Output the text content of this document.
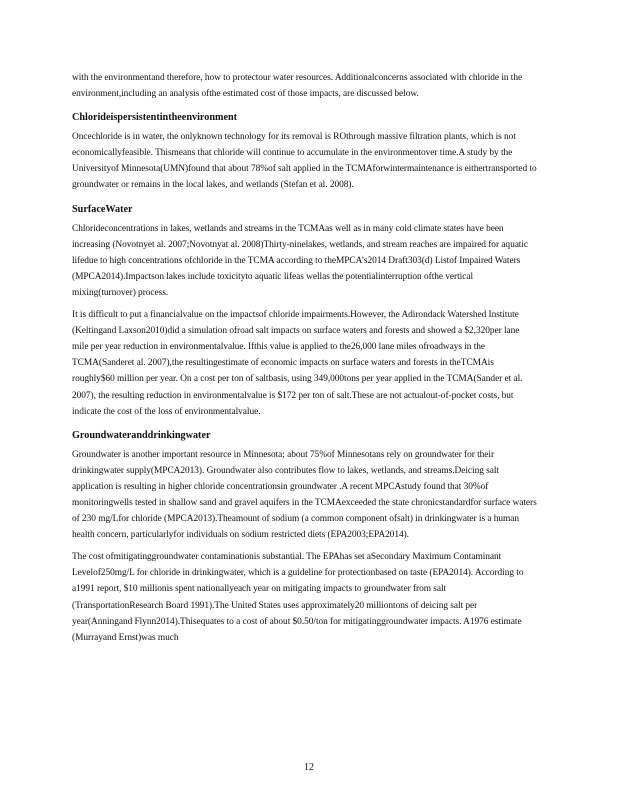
with the environmentand therefore, how to protectour water resources. Additionalconcerns associated with chloride in the environment,including an analysis ofthe estimated cost of those impacts, are discussed below.

Chlorideispersistentintheenvironment

Oncechloride is in water, the onlyknown technology for its removal is ROthrough massive filtration plants, which is not economicallyfeasible. Thismeans that chloride will continue to accumulate in the environmentover time.A study by the Universityof Minnesota(UMN)found that about 78%of salt applied in the TCMAforwintermaintenance is eithertransported to groundwater or remains in the local lakes, and wetlands (Stefan et al. 2008).

SurfaceWater

Chlorideconcentrations in lakes, wetlands and streams in the TCMAas well as in many cold climate states have been increasing (Novotnyet al. 2007;Novotnyat al. 2008)Thirty-ninelakes, wetlands, and stream reaches are impaired for aquatic lifedue to high concentrations ofchloride in the TCMA according to theMPCA’s2014 Draft303(d) Listof Impaired Waters (MPCA2014).Impactson lakes include toxicityto aquatic lifeas wellas the potentialinterruption ofthe vertical mixing(turnover) process.

It is difficult to put a financialvalue on the impactsof chloride impairments.However, the Adirondack Watershed Institute (Keltingand Laxson2010)did a simulation ofroad salt impacts on surface waters and forests and showed a $2,320per lane mile per year reduction in environmentalvalue. Ifthis value is applied to the26,000 lane miles ofroadways in the TCMA(Sanderet al. 2007),the resultingestimate of economic impacts on surface waters and forests in theTCMAis roughly$60 million per year. On a cost per ton of saltbasis, using 349,000tons per year applied in the TCMA(Sander et al. 2007), the resulting reduction in environmentalvalue is $172 per ton of salt.These are not actualout-of-pocket costs, but indicate the cost of the loss of environmentalvalue.

Groundwateranddrinkingwater

Groundwater is another important resource in Minnesota; about 75%of Minnesotans rely on groundwater for their drinkingwater supply(MPCA2013). Groundwater also contributes flow to lakes, wetlands, and streams.Deicing salt application is resulting in higher chloride concentrationsin groundwater .A recent MPCAstudy found that 30%of monitoringwells tested in shallow sand and gravel aquifers in the TCMAexceeded the state chronicstandardfor surface waters of 230 mg/Lfor chloride (MPCA2013).Theamount of sodium (a common component ofsalt) in drinkingwater is a human health concern, particularlyfor individuals on sodium restricted diets (EPA2003;EPA2014).

The cost ofmitigatinggroundwater contaminationis substantial. The EPAhas set aSecondary Maximum Contaminant Levelof250mg/L for chloride in drinkingwater, which is a guideline for protectionbased on taste (EPA2014). According to a1991 report, $10 millionis spent nationallyeach year on mitigating impacts to groundwater from salt (TransportationResearch Board 1991).The United States uses approximately20 milliontons of deicing salt per year(Anningand Flynn2014).Thisequates to a cost of about $0.50/ton for mitigatinggroundwater impacts. A1976 estimate (Murrayand Ernst)was much

12
